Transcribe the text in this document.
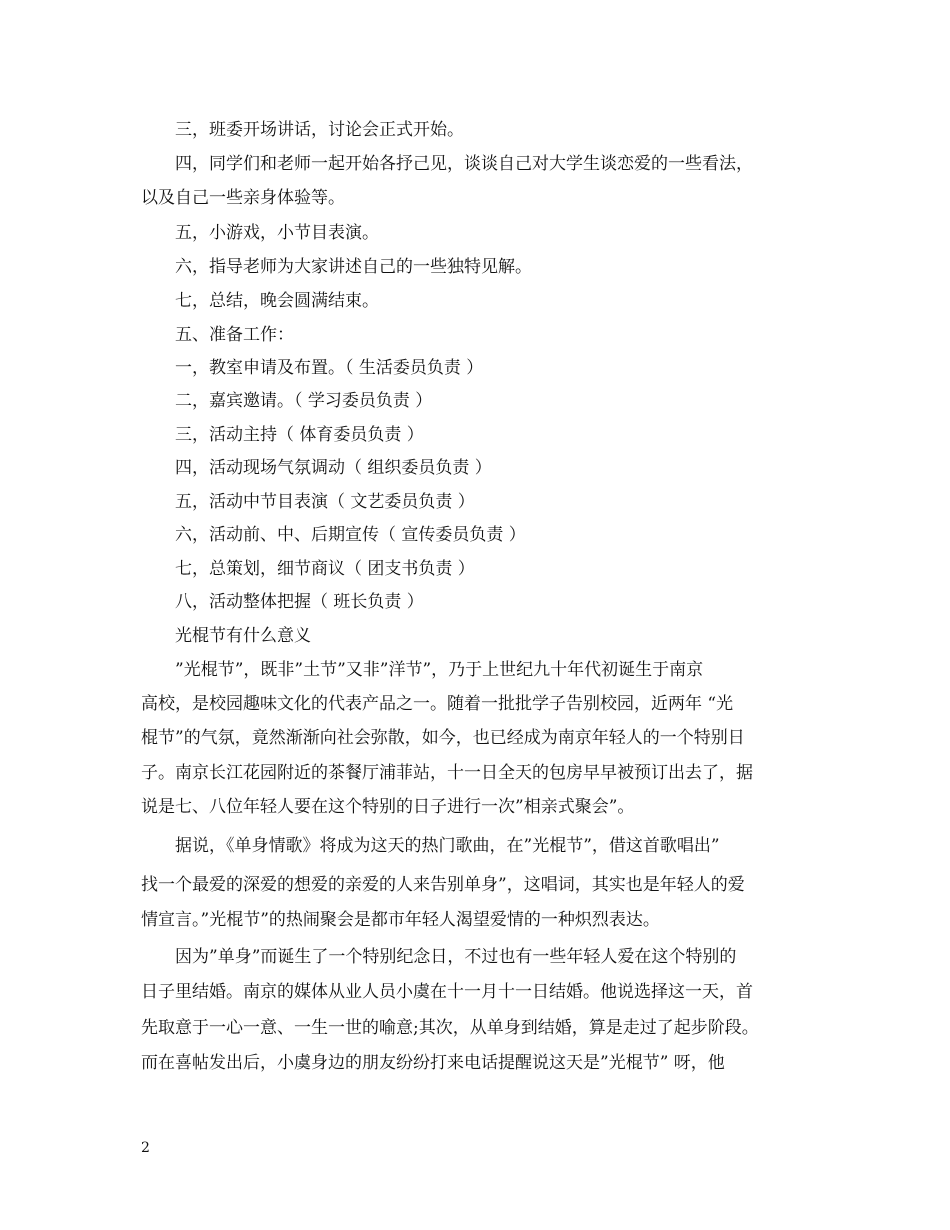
三，班委开场讲话，讨论会正式开始。
四，同学们和老师一起开始各抒己见，谈谈自己对大学生谈恋爱的一些看法，
以及自己一些亲身体验等。
五，小游戏，小节目表演。
六，指导老师为大家讲述自己的一些独特见解。
七，总结，晚会圆满结束。
五、准备工作：
一，教室申请及布置。（ 生活委员负责 ）
二，嘉宾邀请。（ 学习委员负责 ）
三，活动主持（ 体育委员负责 ）
四，活动现场气氛调动（ 组织委员负责 ）
五，活动中节目表演（ 文艺委员负责 ）
六，活动前、中、后期宣传（ 宣传委员负责 ）
七，总策划，细节商议（ 团支书负责 ）
八，活动整体把握（ 班长负责 ）
光棍节有什么意义
”光棍节”，既非”土节”又非”洋节”，乃于上世纪九十年代初诞生于南京
高校，是校园趣味文化的代表产品之一。随着一批批学子告别校园，近两年 “光
棍节”的气氛，竟然渐渐向社会弥散，如今，也已经成为南京年轻人的一个特别日
子。南京长江花园附近的茶餐厅浦菲站，十一日全天的包房早早被预订出去了，据
说是七、八位年轻人要在这个特别的日子进行一次”相亲式聚会”。
据说，《单身情歌》将成为这天的热门歌曲，在”光棍节”，借这首歌唱出”
找一个最爱的深爱的想爱的亲爱的人来告别单身”，这唱词，其实也是年轻人的爱
情宣言。”光棍节”的热闹聚会是都市年轻人渴望爱情的一种炽烈表达。
因为”单身”而诞生了一个特别纪念日，不过也有一些年轻人爱在这个特别的
日子里结婚。南京的媒体从业人员小虞在十一月十一日结婚。他说选择这一天，首
先取意于一心一意、一生一世的喻意;其次，从单身到结婚，算是走过了起步阶段。
而在喜帖发出后，小虞身边的朋友纷纷打来电话提醒说这天是”光棍节” 呀，他
2
